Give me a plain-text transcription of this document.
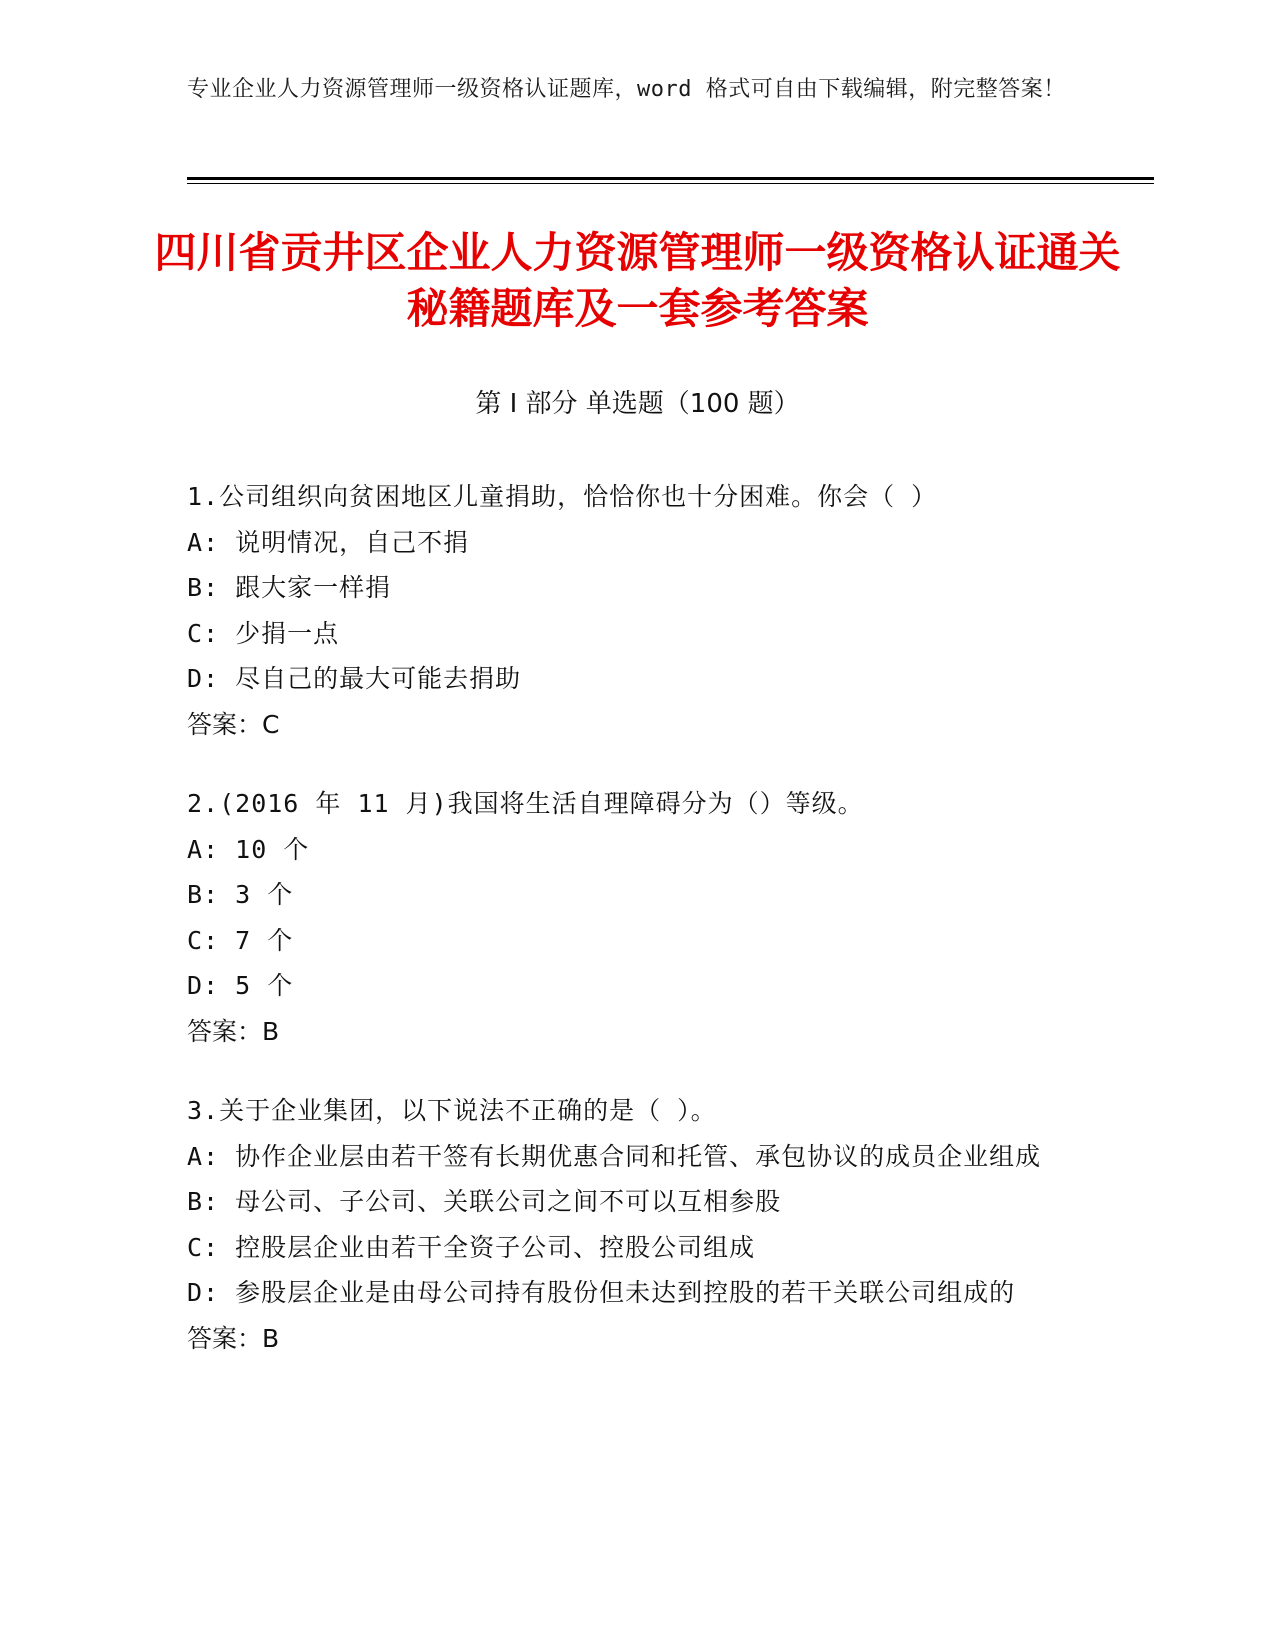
专业企业人力资源管理师一级资格认证题库，word 格式可自由下载编辑，附完整答案！
四川省贡井区企业人力资源管理师一级资格认证通关秘籍题库及一套参考答案
第 I 部分 单选题（100 题）
1.公司组织向贫困地区儿童捐助，恰恰你也十分困难。你会（ ）
A: 说明情况，自己不捐
B: 跟大家一样捐
C: 少捐一点
D: 尽自己的最大可能去捐助
答案：C
2.(2016 年 11 月)我国将生活自理障碍分为（）等级。
A: 10 个
B: 3 个
C: 7 个
D: 5 个
答案：B
3.关于企业集团，以下说法不正确的是（ ）。
A: 协作企业层由若干签有长期优惠合同和托管、承包协议的成员企业组成
B: 母公司、子公司、关联公司之间不可以互相参股
C: 控股层企业由若干全资子公司、控股公司组成
D: 参股层企业是由母公司持有股份但未达到控股的若干关联公司组成的
答案：B
